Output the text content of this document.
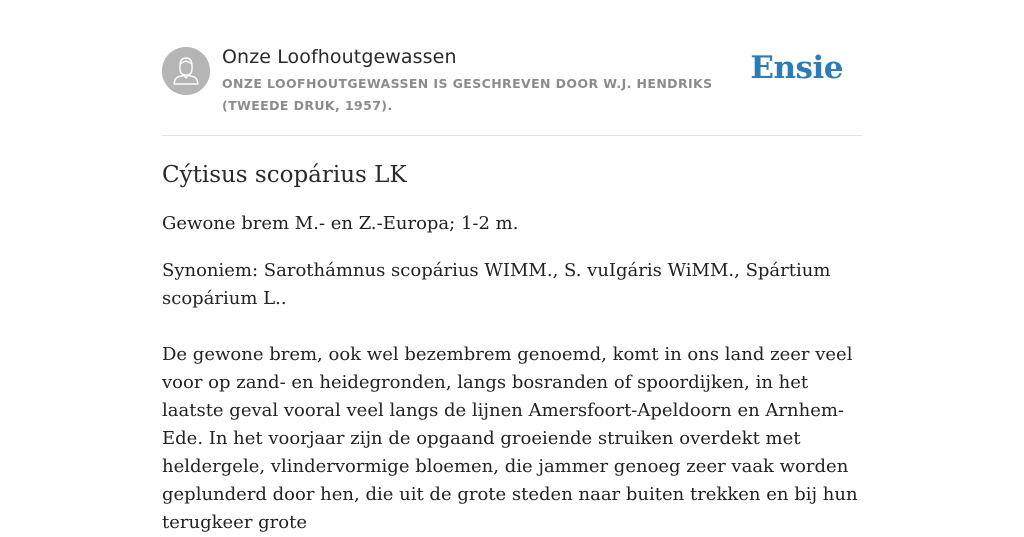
Onze Loofhoutgewassen
ONZE LOOFHOUTGEWASSEN IS GESCHREVEN DOOR W.J. HENDRIKS (TWEEDE DRUK, 1957).
Ensie
Cýtisus scopárius LK

Gewone brem M.- en Z.-Europa; 1-2 m.

Synoniem: Sarothámnus scopárius WIMM., S. vuIgáris WiMM., Spártium scopárium L..

De gewone brem, ook wel bezembrem genoemd, komt in ons land zeer veel voor op zand- en heidegronden, langs bosranden of spoordijken, in het laatste geval vooral veel langs de lijnen Amersfoort-Apeldoorn en Arnhem-Ede. In het voorjaar zijn de opgaand groeiende struiken overdekt met heldergele, vlindervormige bloemen, die jammer genoeg zeer vaak worden geplunderd door hen, die uit de grote steden naar buiten trekken en bij hun terugkeer grote
